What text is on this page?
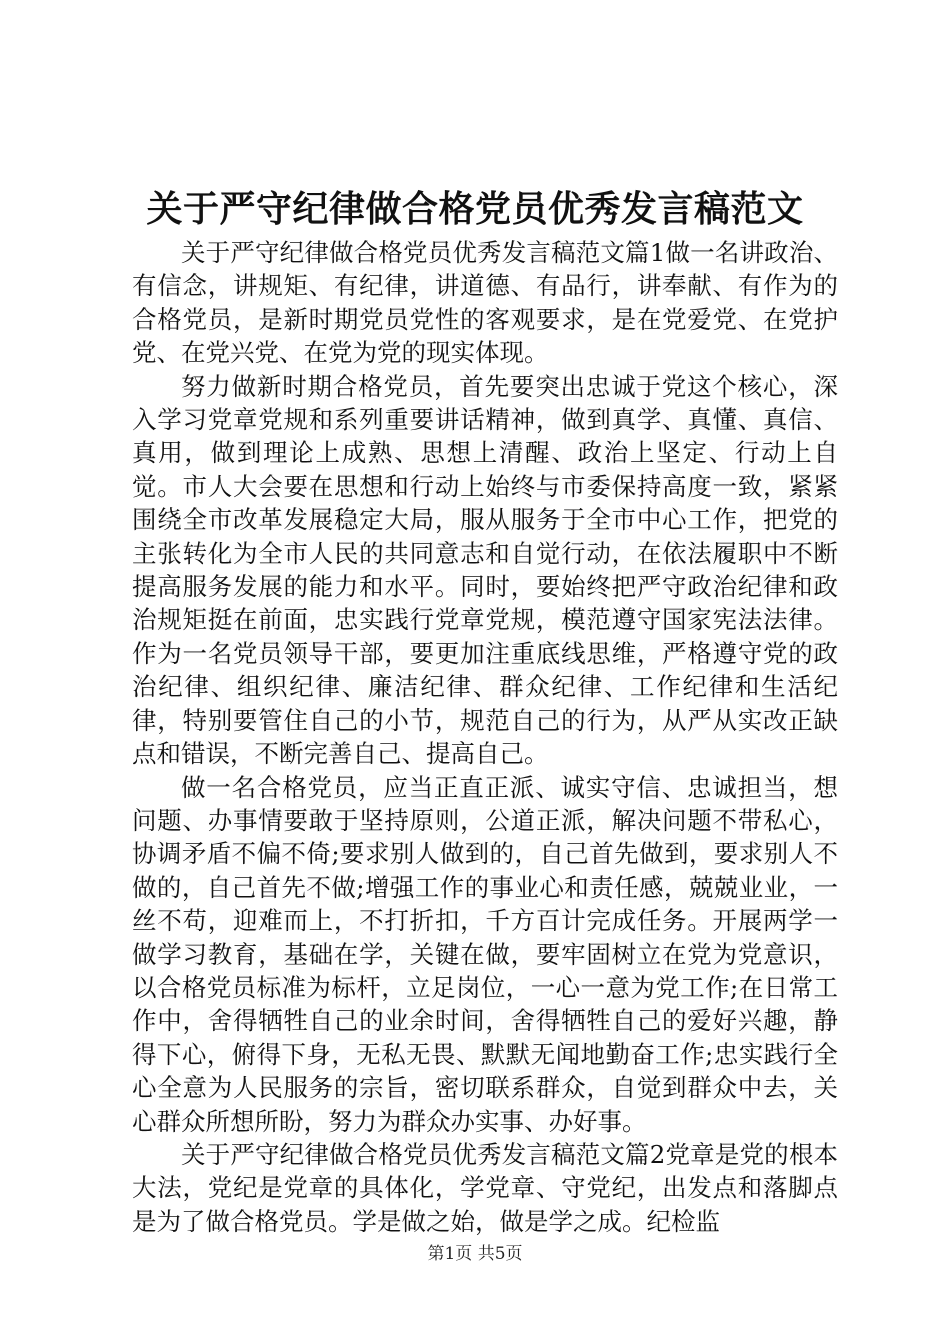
关于严守纪律做合格党员优秀发言稿范文

关于严守纪律做合格党员优秀发言稿范文篇1做一名讲政治、有信念，讲规矩、有纪律，讲道德、有品行，讲奉献、有作为的合格党员，是新时期党员党性的客观要求，是在党爱党、在党护党、在党兴党、在党为党的现实体现。

努力做新时期合格党员，首先要突出忠诚于党这个核心，深入学习党章党规和系列重要讲话精神，做到真学、真懂、真信、真用，做到理论上成熟、思想上清醒、政治上坚定、行动上自觉。市人大会要在思想和行动上始终与市委保持高度一致，紧紧围绕全市改革发展稳定大局，服从服务于全市中心工作，把党的主张转化为全市人民的共同意志和自觉行动，在依法履职中不断提高服务发展的能力和水平。同时，要始终把严守政治纪律和政治规矩挺在前面，忠实践行党章党规，模范遵守国家宪法法律。作为一名党员领导干部，要更加注重底线思维，严格遵守党的政治纪律、组织纪律、廉洁纪律、群众纪律、工作纪律和生活纪律，特别要管住自己的小节，规范自己的行为，从严从实改正缺点和错误，不断完善自己、提高自己。

做一名合格党员，应当正直正派、诚实守信、忠诚担当，想问题、办事情要敢于坚持原则，公道正派，解决问题不带私心，协调矛盾不偏不倚;要求别人做到的，自己首先做到，要求别人不做的，自己首先不做;增强工作的事业心和责任感，兢兢业业，一丝不苟，迎难而上，不打折扣，千方百计完成任务。开展两学一做学习教育，基础在学，关键在做，要牢固树立在党为党意识，以合格党员标准为标杆，立足岗位，一心一意为党工作;在日常工作中，舍得牺牲自己的业余时间，舍得牺牲自己的爱好兴趣，静得下心，俯得下身，无私无畏、默默无闻地勤奋工作;忠实践行全心全意为人民服务的宗旨，密切联系群众，自觉到群众中去，关心群众所想所盼，努力为群众办实事、办好事。

关于严守纪律做合格党员优秀发言稿范文篇2党章是党的根本大法，党纪是党章的具体化，学党章、守党纪，出发点和落脚点是为了做合格党员。学是做之始，做是学之成。纪检监

第1页 共5页
